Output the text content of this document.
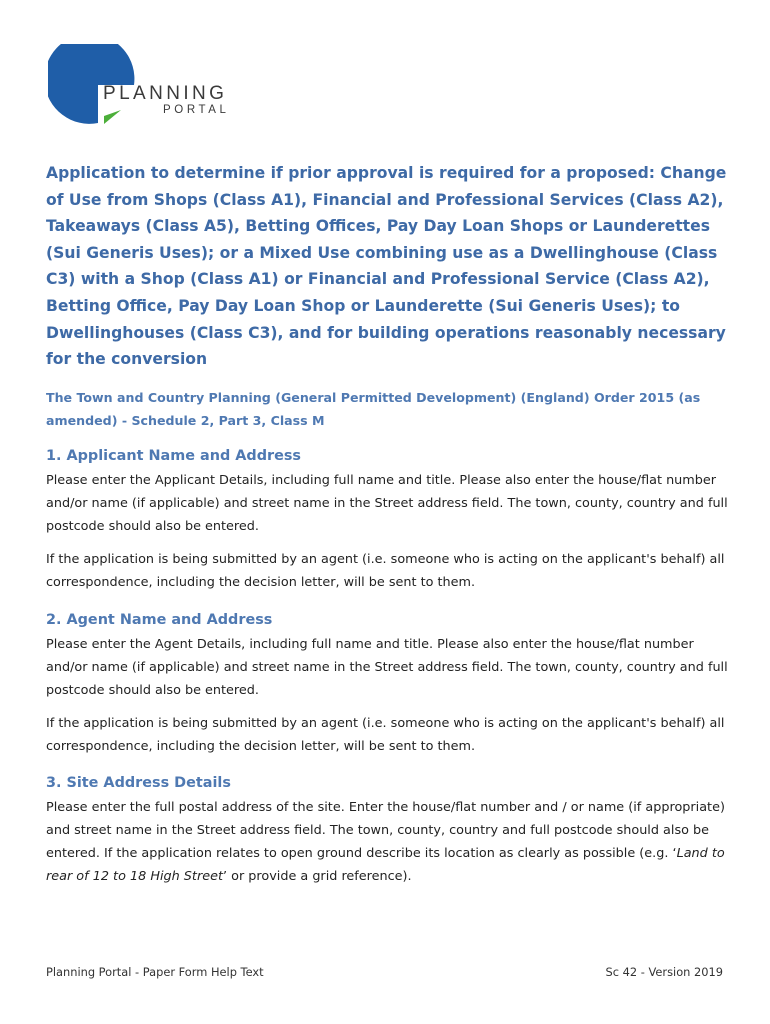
PLANNING
PORTAL
Application to determine if prior approval is required for a proposed: Change of Use from Shops (Class A1), Financial and Professional Services (Class A2), Takeaways (Class A5), Betting Offices, Pay Day Loan Shops or Launderettes (Sui Generis Uses); or a Mixed Use combining use as a Dwellinghouse (Class C3) with a Shop (Class A1) or Financial and Professional Service (Class A2), Betting Office, Pay Day Loan Shop or Launderette (Sui Generis Uses); to Dwellinghouses (Class C3), and for building operations reasonably necessary for the conversion
The Town and Country Planning (General Permitted Development) (England) Order 2015 (as amended) - Schedule 2, Part 3, Class M
1. Applicant Name and Address

Please enter the Applicant Details, including full name and title. Please also enter the house/flat number and/or name (if applicable) and street name in the Street address field. The town, county, country and full postcode should also be entered.

If the application is being submitted by an agent (i.e. someone who is acting on the applicant's behalf) all correspondence, including the decision letter, will be sent to them.

2. Agent Name and Address

Please enter the Agent Details, including full name and title. Please also enter the house/flat number and/or name (if applicable) and street name in the Street address field. The town, county, country and full postcode should also be entered.

If the application is being submitted by an agent (i.e. someone who is acting on the applicant's behalf) all correspondence, including the decision letter, will be sent to them.

3. Site Address Details

Please enter the full postal address of the site. Enter the house/flat number and / or name (if appropriate) and street name in the Street address field. The town, county, country and full postcode should also be entered. If the application relates to open ground describe its location as clearly as possible (e.g. ‘Land to rear of 12 to 18 High Street’ or provide a grid reference).

Planning Portal - Paper Form Help Text	Sc 42 - Version 2019
